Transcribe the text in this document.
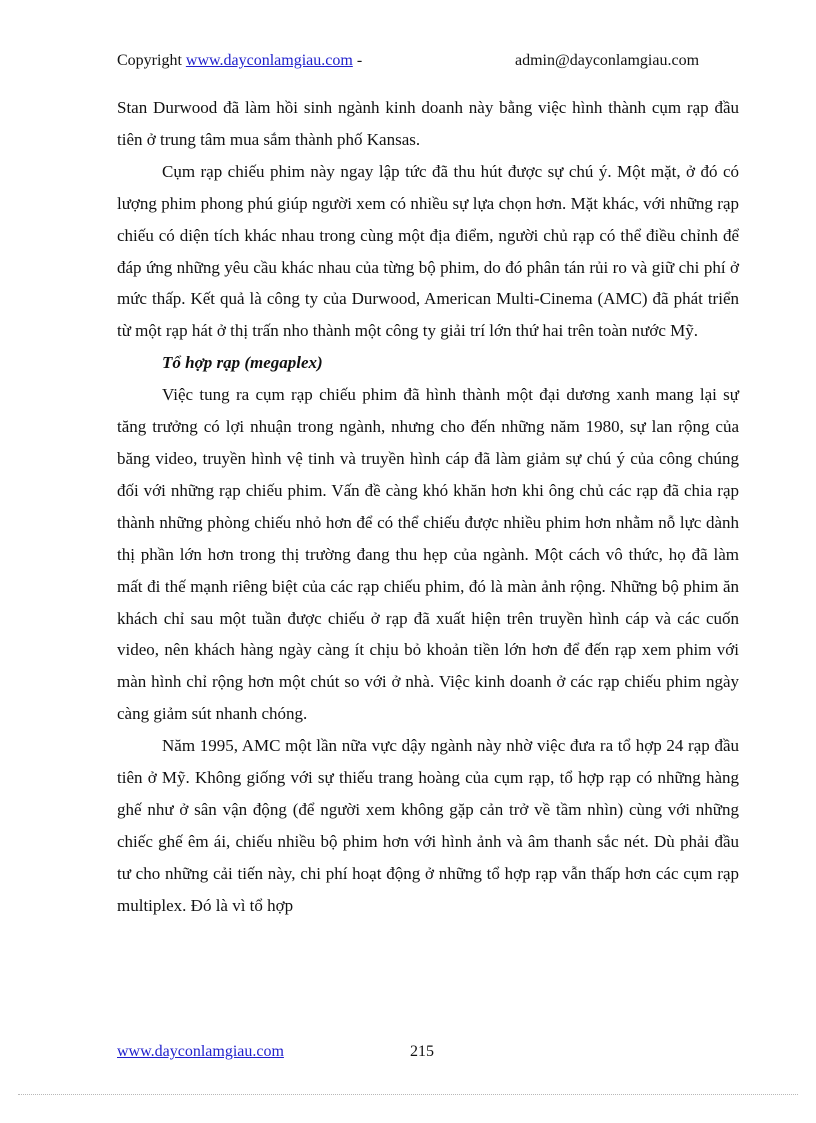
Copyright www.dayconlamgiau.com -	admin@dayconlamgiau.com

Stan Durwood đã làm hồi sinh ngành kinh doanh này bằng việc hình thành cụm rạp đầu tiên ở trung tâm mua sắm thành phố Kansas.

Cụm rạp chiếu phim này ngay lập tức đã thu hút được sự chú ý. Một mặt, ở đó có lượng phim phong phú giúp người xem có nhiều sự lựa chọn hơn. Mặt khác, với những rạp chiếu có diện tích khác nhau trong cùng một địa điểm, người chủ rạp có thể điều chỉnh để đáp ứng những yêu cầu khác nhau của từng bộ phim, do đó phân tán rủi ro và giữ chi phí ở mức thấp. Kết quả là công ty của Durwood, American Multi-Cinema (AMC) đã phát triển từ một rạp hát ở thị trấn nho thành một công ty giải trí lớn thứ hai trên toàn nước Mỹ.

Tổ hợp rạp (megaplex)

Việc tung ra cụm rạp chiếu phim đã hình thành một đại dương xanh mang lại sự tăng trưởng có lợi nhuận trong ngành, nhưng cho đến những năm 1980, sự lan rộng của băng video, truyền hình vệ tinh và truyền hình cáp đã làm giảm sự chú ý của công chúng đối với những rạp chiếu phim. Vấn đề càng khó khăn hơn khi ông chủ các rạp đã chia rạp thành những phòng chiếu nhỏ hơn để có thể chiếu được nhiều phim hơn nhằm nỗ lực dành thị phần lớn hơn trong thị trường đang thu hẹp của ngành. Một cách vô thức, họ đã làm mất đi thế mạnh riêng biệt của các rạp chiếu phim, đó là màn ảnh rộng. Những bộ phim ăn khách chỉ sau một tuần được chiếu ở rạp đã xuất hiện trên truyền hình cáp và các cuốn video, nên khách hàng ngày càng ít chịu bỏ khoản tiền lớn hơn để đến rạp xem phim với màn hình chỉ rộng hơn một chút so với ở nhà. Việc kinh doanh ở các rạp chiếu phim ngày càng giảm sút nhanh chóng.

Năm 1995, AMC một lần nữa vực dậy ngành này nhờ việc đưa ra tổ hợp 24 rạp đầu tiên ở Mỹ. Không giống với sự thiếu trang hoàng của cụm rạp, tổ hợp rạp có những hàng ghế như ở sân vận động (để người xem không gặp cản trở về tầm nhìn) cùng với những chiếc ghế êm ái, chiếu nhiều bộ phim hơn với hình ảnh và âm thanh sắc nét. Dù phải đầu tư cho những cải tiến này, chi phí hoạt động ở những tổ hợp rạp vẫn thấp hơn các cụm rạp multiplex. Đó là vì tổ hợp

www.dayconlamgiau.com	215
